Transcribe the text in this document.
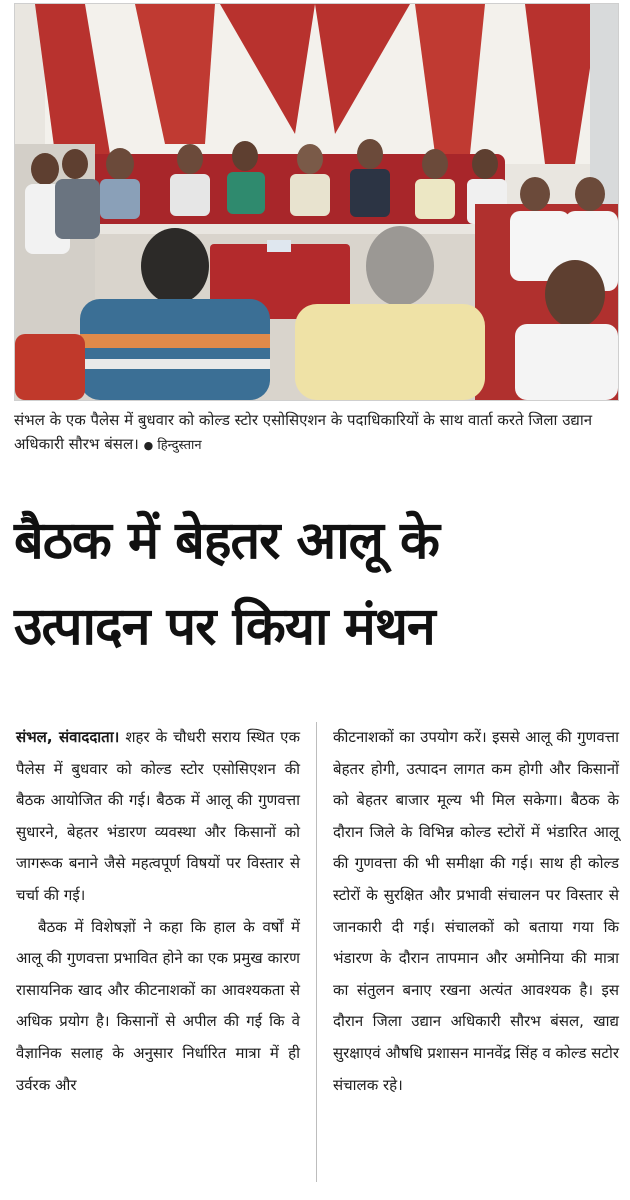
संभल के एक पैलेस में बुधवार को कोल्ड स्टोर एसोसिएशन के पदाधिकारियों के साथ वार्ता करते जिला उद्यान अधिकारी सौरभ बंसल। ● हिन्दुस्तान
बैठक में बेहतर आलू के
उत्पादन पर किया मंथन

संभल, संवाददाता। शहर के चौधरी सराय स्थित एक पैलेस में बुधवार को कोल्ड स्टोर एसोसिएशन की बैठक आयोजित की गई। बैठक में आलू की गुणवत्ता सुधारने, बेहतर भंडारण व्यवस्था और किसानों को जागरूक बनाने जैसे महत्वपूर्ण विषयों पर विस्तार से चर्चा की गई।

बैठक में विशेषज्ञों ने कहा कि हाल के वर्षों में आलू की गुणवत्ता प्रभावित होने का एक प्रमुख कारण रासायनिक खाद और कीटनाशकों का आवश्यकता से अधिक प्रयोग है। किसानों से अपील की गई कि वे वैज्ञानिक सलाह के अनुसार निर्धारित मात्रा में ही उर्वरक और

कीटनाशकों का उपयोग करें। इससे आलू की गुणवत्ता बेहतर होगी, उत्पादन लागत कम होगी और किसानों को बेहतर बाजार मूल्य भी मिल सकेगा। बैठक के दौरान जिले के विभिन्न कोल्ड स्टोरों में भंडारित आलू की गुणवत्ता की भी समीक्षा की गई। साथ ही कोल्ड स्टोरों के सुरक्षित और प्रभावी संचालन पर विस्तार से जानकारी दी गई। संचालकों को बताया गया कि भंडारण के दौरान तापमान और अमोनिया की मात्रा का संतुलन बनाए रखना अत्यंत आवश्यक है। इस दौरान जिला उद्यान अधिकारी सौरभ बंसल, खाद्य सुरक्षाएवं औषधि प्रशासन मानवेंद्र सिंह व कोल्ड सटोर संचालक रहे।
